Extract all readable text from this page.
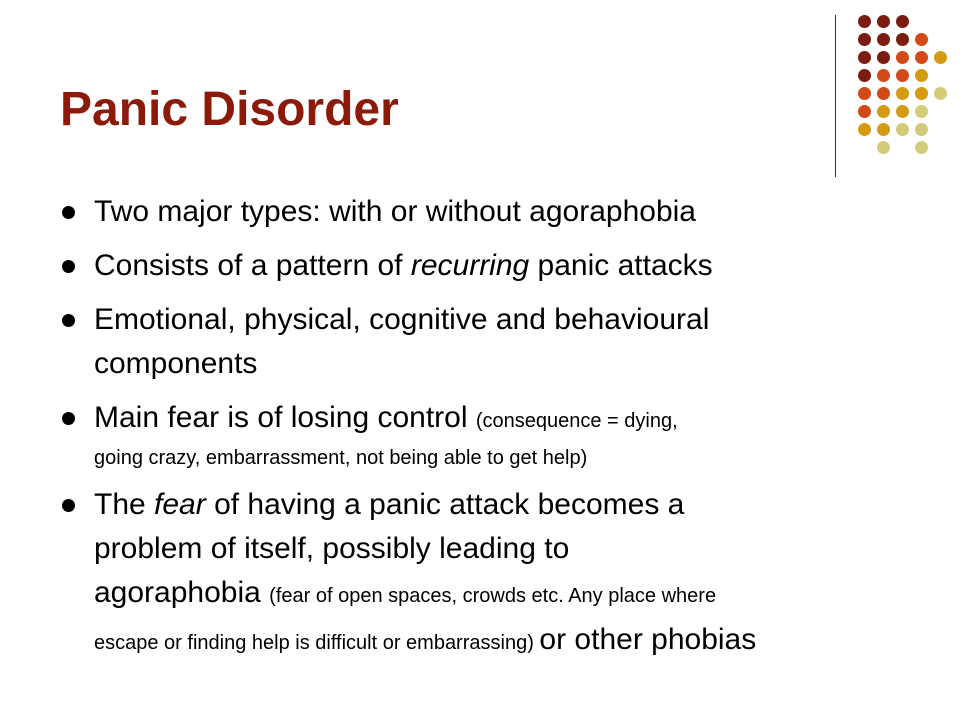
Panic Disorder
Two major types: with or without agoraphobia
Consists of a pattern of recurring panic attacks
Emotional, physical, cognitive and behavioural
components
Main fear is of losing control (consequence = dying,
going crazy, embarrassment, not being able to get help)
The fear of having a panic attack becomes a
problem of itself, possibly leading to
agoraphobia (fear of open spaces, crowds etc. Any place where
escape or finding help is difficult or embarrassing) or other phobias
